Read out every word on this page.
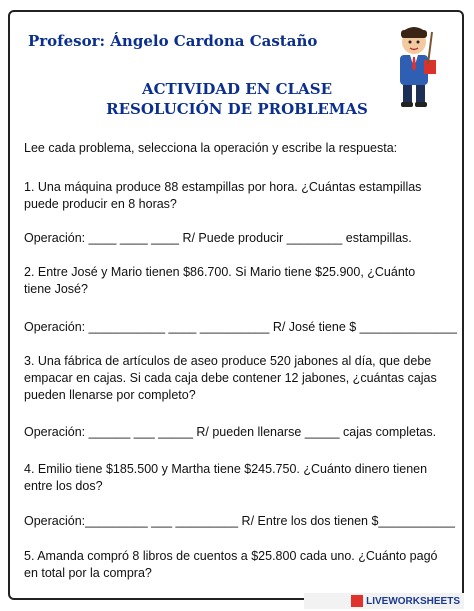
Profesor: Ángelo Cardona Castaño
ACTIVIDAD EN CLASE
RESOLUCIÓN DE PROBLEMAS

Lee cada problema, selecciona la operación y escribe la respuesta:

1. Una máquina produce 88 estampillas por hora. ¿Cuántas estampillas puede producir en 8 horas?

Operación: ____ ____ ____ R/ Puede producir ________ estampillas.

2. Entre José y Mario tienen $86.700. Si Mario tiene $25.900, ¿Cuánto tiene José?

Operación: ___________ ____ __________ R/ José tiene $ ______________

3. Una fábrica de artículos de aseo produce 520 jabones al día, que debe empacar en cajas. Si cada caja debe contener 12 jabones, ¿cuántas cajas pueden llenarse por completo?

Operación: ______ ___ _____ R/ pueden llenarse _____ cajas completas.

4. Emilio tiene $185.500 y Martha tiene $245.750. ¿Cuánto dinero tienen entre los dos?

Operación:_________ ___ _________ R/ Entre los dos tienen $___________

5. Amanda compró 8 libros de cuentos a $25.800 cada uno. ¿Cuánto pagó en total por la compra?

LIVEWORKSHEETS
